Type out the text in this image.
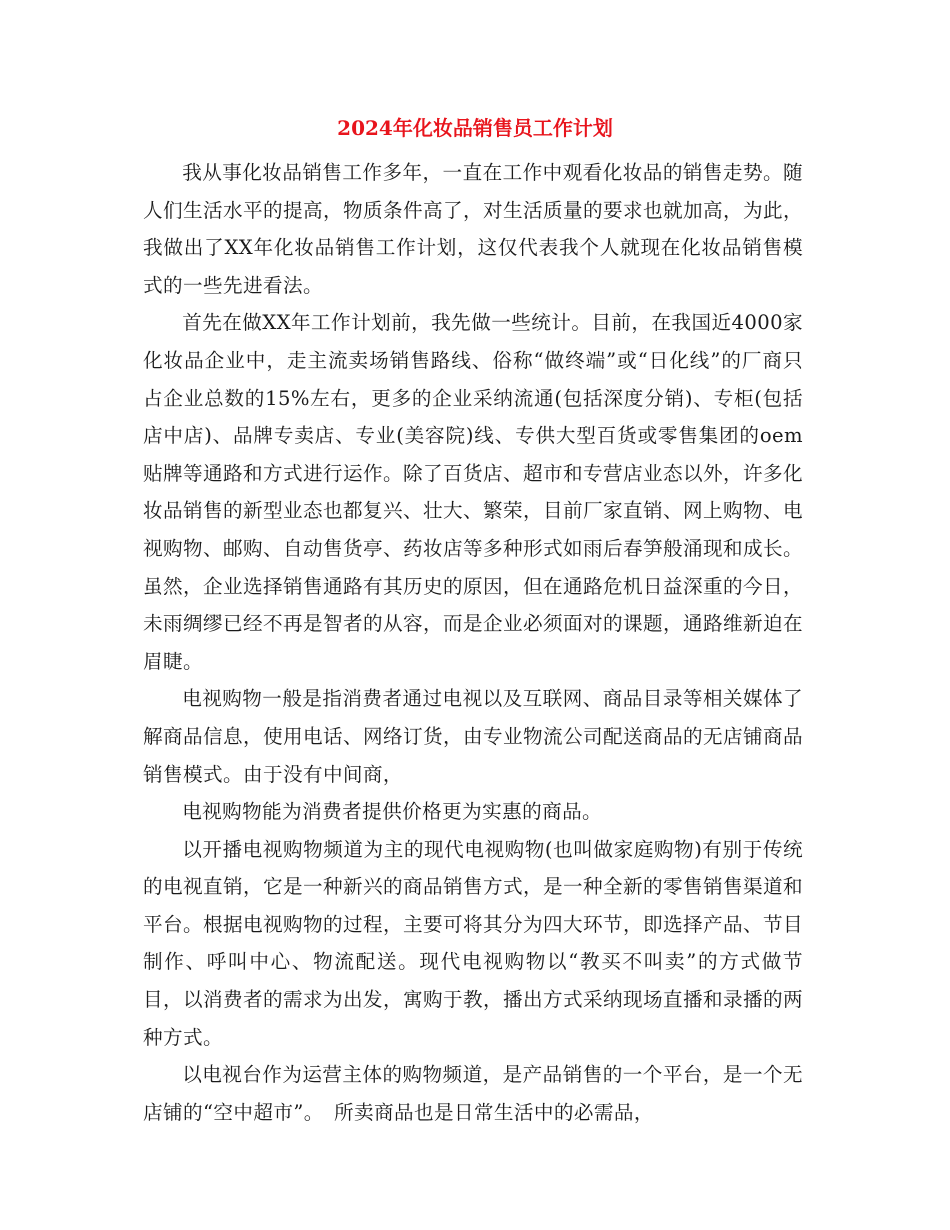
2024年化妆品销售员工作计划

我从事化妆品销售工作多年，一直在工作中观看化妆品的销售走势。随人们生活水平的提高，物质条件高了，对生活质量的要求也就加高，为此，我做出了XX年化妆品销售工作计划，这仅代表我个人就现在化妆品销售模式的一些先进看法。

首先在做XX年工作计划前，我先做一些统计。目前，在我国近4000家化妆品企业中，走主流卖场销售路线、俗称“做终端”或“日化线”的厂商只占企业总数的15%左右，更多的企业采纳流通(包括深度分销)、专柜(包括店中店)、品牌专卖店、专业(美容院)线、专供大型百货或零售集团的oem贴牌等通路和方式进行运作。除了百货店、超市和专营店业态以外，许多化妆品销售的新型业态也都复兴、壮大、繁荣，目前厂家直销、网上购物、电视购物、邮购、自动售货亭、药妆店等多种形式如雨后春笋般涌现和成长。虽然，企业选择销售通路有其历史的原因，但在通路危机日益深重的今日，未雨绸缪已经不再是智者的从容，而是企业必须面对的课题，通路维新迫在眉睫。

电视购物一般是指消费者通过电视以及互联网、商品目录等相关媒体了解商品信息，使用电话、网络订货，由专业物流公司配送商品的无店铺商品销售模式。由于没有中间商，

电视购物能为消费者提供价格更为实惠的商品。

以开播电视购物频道为主的现代电视购物(也叫做家庭购物)有别于传统的电视直销，它是一种新兴的商品销售方式，是一种全新的零售销售渠道和平台。根据电视购物的过程，主要可将其分为四大环节，即选择产品、节目制作、呼叫中心、物流配送。现代电视购物以“教买不叫卖”的方式做节目，以消费者的需求为出发，寓购于教，播出方式采纳现场直播和录播的两种方式。

以电视台作为运营主体的购物频道，是产品销售的一个平台，是一个无店铺的“空中超市”。　所卖商品也是日常生活中的必需品，
